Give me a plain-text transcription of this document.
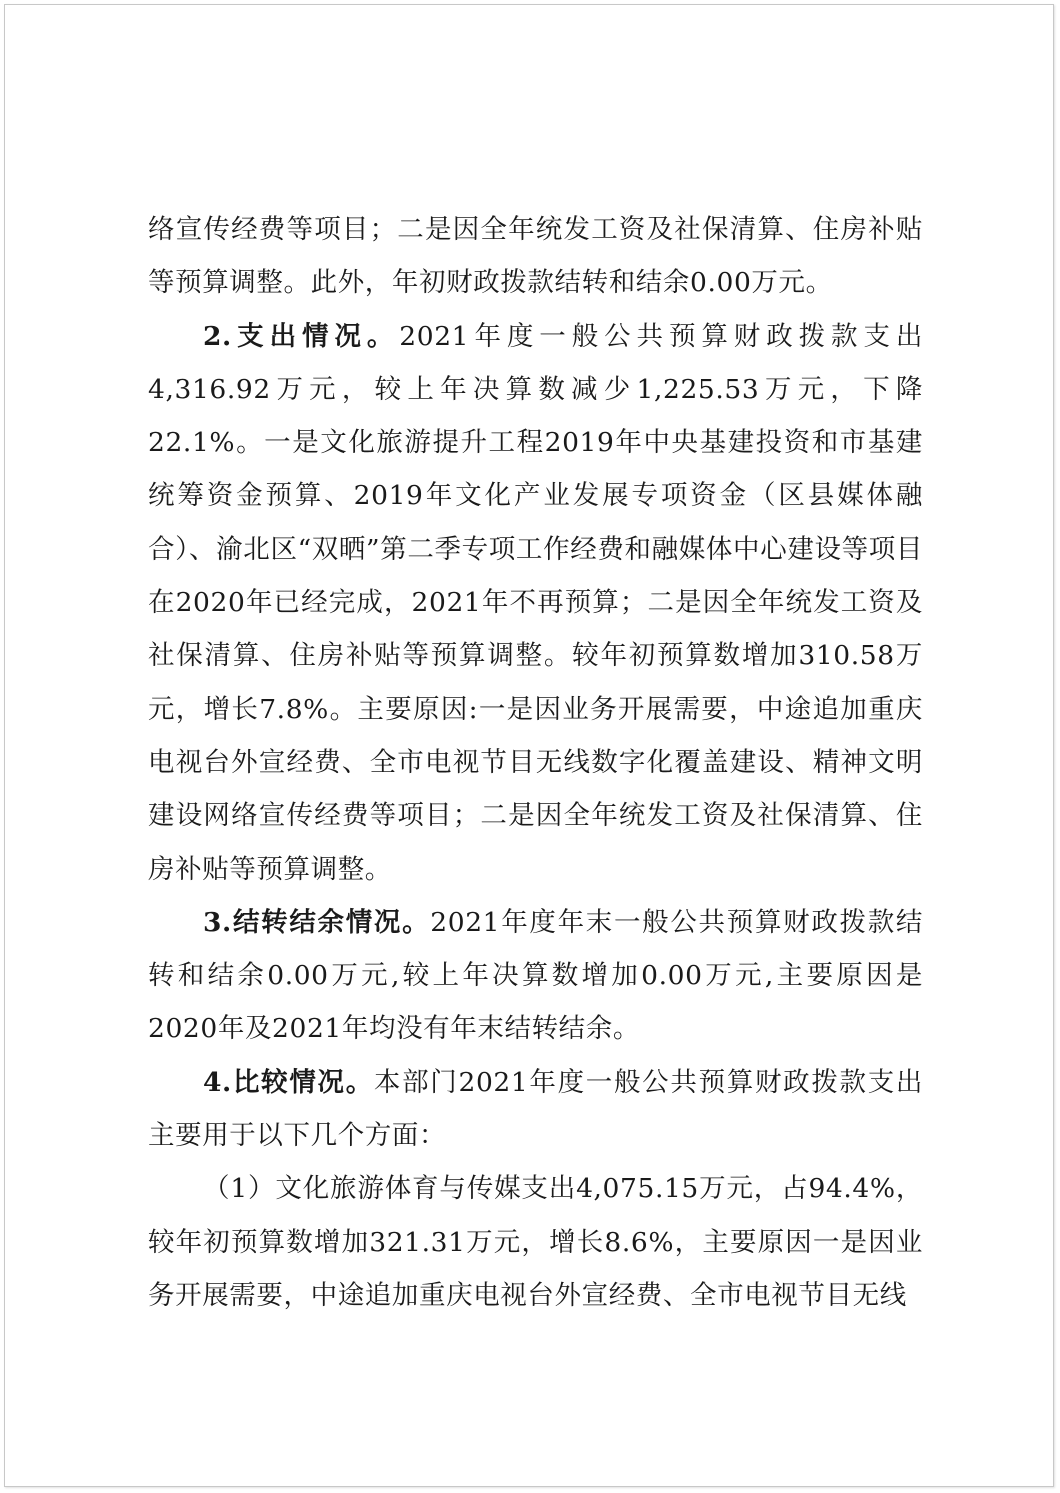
络宣传经费等项目；二是因全年统发工资及社保清算、住房补贴等预算调整。此外，年初财政拨款结转和结余0.00万元。

2.支出情况。2021年度一般公共预算财政拨款支出4,316.92万元，较上年决算数减少1,225.53万元，下降22.1%。一是文化旅游提升工程2019年中央基建投资和市基建统筹资金预算、2019年文化产业发展专项资金（区县媒体融合）、渝北区“双晒”第二季专项工作经费和融媒体中心建设等项目在2020年已经完成，2021年不再预算；二是因全年统发工资及社保清算、住房补贴等预算调整。较年初预算数增加310.58万元，增长7.8%。主要原因:一是因业务开展需要，中途追加重庆电视台外宣经费、全市电视节目无线数字化覆盖建设、精神文明建设网络宣传经费等项目；二是因全年统发工资及社保清算、住房补贴等预算调整。

3.结转结余情况。2021年度年末一般公共预算财政拨款结转和结余0.00万元,较上年决算数增加0.00万元,主要原因是2020年及2021年均没有年末结转结余。

4.比较情况。本部门2021年度一般公共预算财政拨款支出主要用于以下几个方面：

（1）文化旅游体育与传媒支出4,075.15万元，占94.4%，较年初预算数增加321.31万元，增长8.6%，主要原因一是因业务开展需要，中途追加重庆电视台外宣经费、全市电视节目无线
